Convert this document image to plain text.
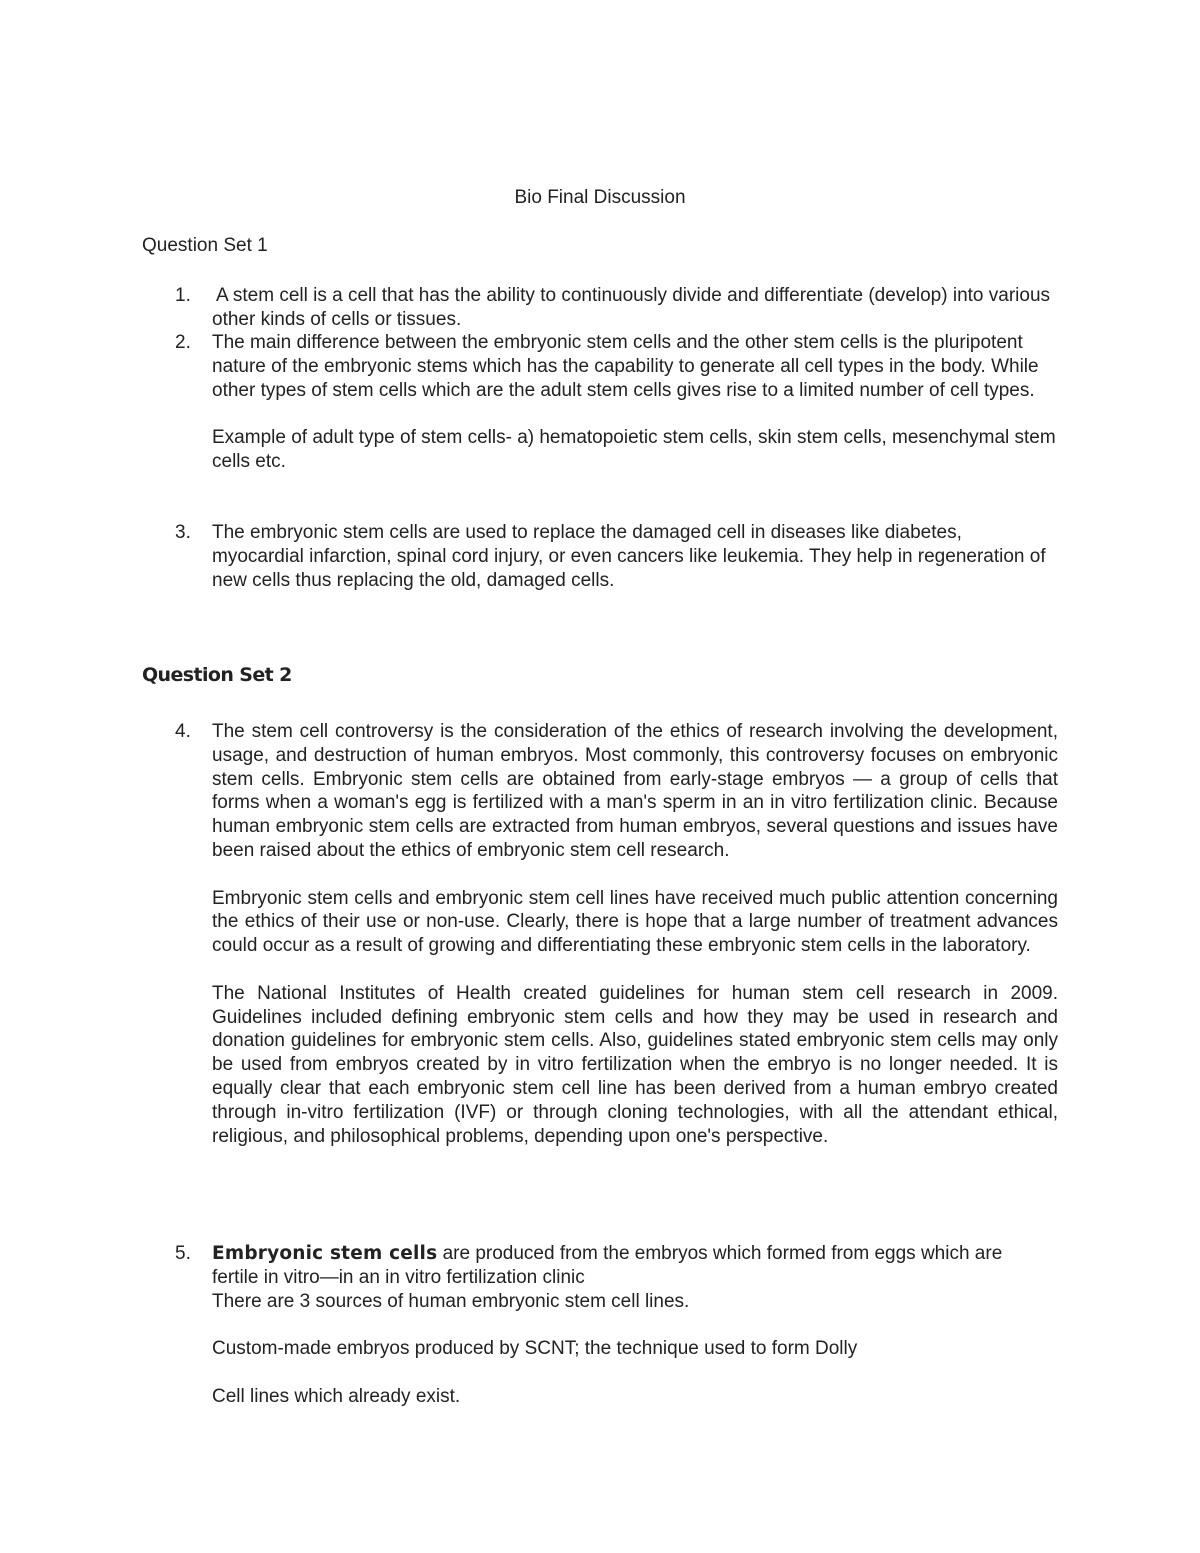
Bio Final Discussion
Question Set 1
1.	A stem cell is a cell that has the ability to continuously divide and differentiate (develop) into various other kinds of cells or tissues.

2.	The main difference between the embryonic stem cells and the other stem cells is the pluripotent nature of the embryonic stems which has the capability to generate all cell types in the body. While other types of stem cells which are the adult stem cells gives rise to a limited number of cell types.

Example of adult type of stem cells- a) hematopoietic stem cells, skin stem cells, mesenchymal stem cells etc.

3.	The embryonic stem cells are used to replace the damaged cell in diseases like diabetes, myocardial infarction, spinal cord injury, or even cancers like leukemia. They help in regeneration of new cells thus replacing the old, damaged cells.

Question Set 2
4.	The stem cell controversy is the consideration of the ethics of research involving the development, usage, and destruction of human embryos. Most commonly, this controversy focuses on embryonic stem cells. Embryonic stem cells are obtained from early-stage embryos — a group of cells that forms when a woman's egg is fertilized with a man's sperm in an in vitro fertilization clinic. Because human embryonic stem cells are extracted from human embryos, several questions and issues have been raised about the ethics of embryonic stem cell research.

Embryonic stem cells and embryonic stem cell lines have received much public attention concerning the ethics of their use or non-use. Clearly, there is hope that a large number of treatment advances could occur as a result of growing and differentiating these embryonic stem cells in the laboratory.

The National Institutes of Health created guidelines for human stem cell research in 2009. Guidelines included defining embryonic stem cells and how they may be used in research and donation guidelines for embryonic stem cells. Also, guidelines stated embryonic stem cells may only be used from embryos created by in vitro fertilization when the embryo is no longer needed. It is equally clear that each embryonic stem cell line has been derived from a human embryo created through in-vitro fertilization (IVF) or through cloning technologies, with all the attendant ethical, religious, and philosophical problems, depending upon one's perspective.

5.	Embryonic stem cells are produced from the embryos which formed from eggs which are fertile in vitro—in an in vitro fertilization clinic

There are 3 sources of human embryonic stem cell lines.

Custom-made embryos produced by SCNT; the technique used to form Dolly

Cell lines which already exist.
